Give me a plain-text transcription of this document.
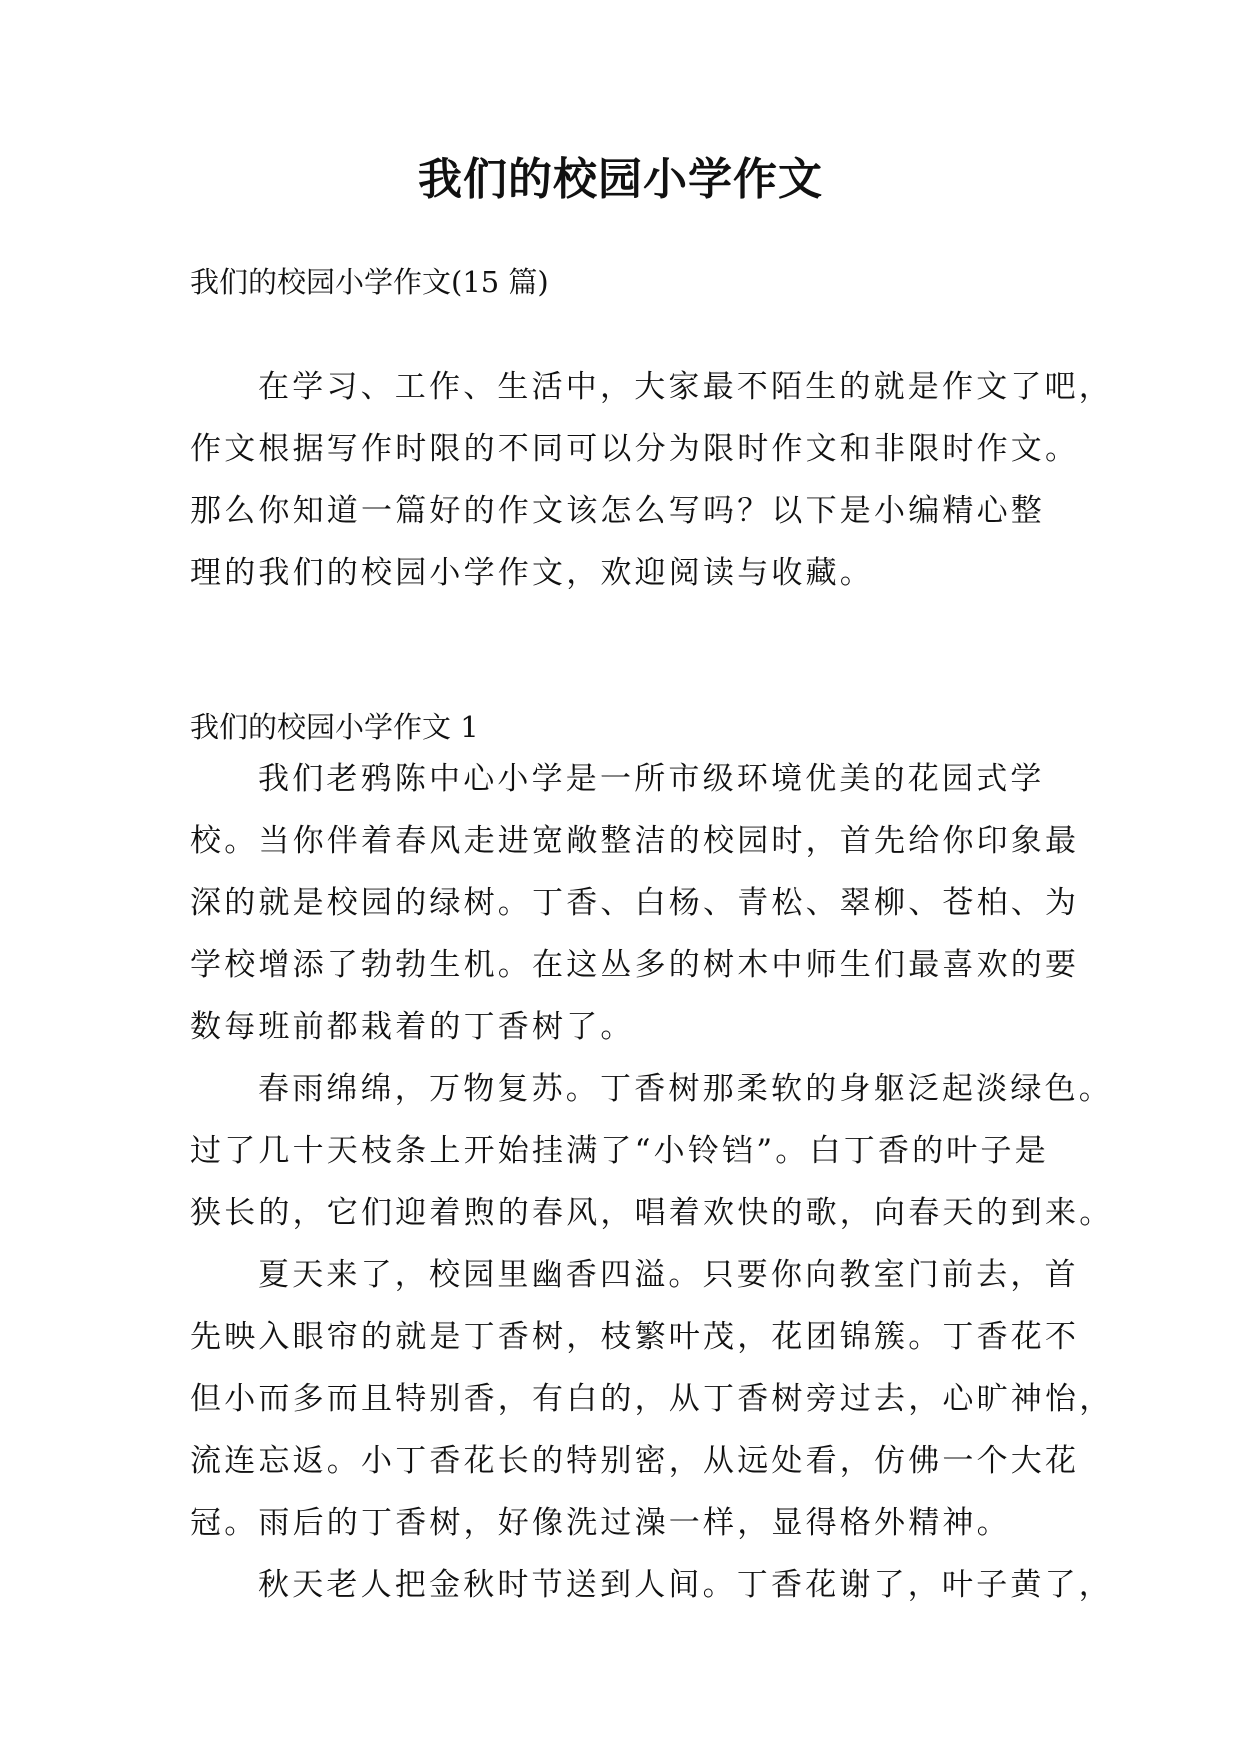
我们的校园小学作文

我们的校园小学作文(15 篇)

在学习、工作、生活中，大家最不陌生的就是作文了吧，
作文根据写作时限的不同可以分为限时作文和非限时作文。
那么你知道一篇好的作文该怎么写吗？以下是小编精心整
理的我们的校园小学作文，欢迎阅读与收藏。
我们的校园小学作文 1
我们老鸦陈中心小学是一所市级环境优美的花园式学
校。当你伴着春风走进宽敞整洁的校园时，首先给你印象最
深的就是校园的绿树。丁香、白杨、青松、翠柳、苍柏、为
学校增添了勃勃生机。在这丛多的树木中师生们最喜欢的要
数每班前都栽着的丁香树了。
春雨绵绵，万物复苏。丁香树那柔软的身躯泛起淡绿色。
过了几十天枝条上开始挂满了“小铃铛”。白丁香的叶子是
狭长的，它们迎着煦的春风，唱着欢快的歌，向春天的到来。
夏天来了，校园里幽香四溢。只要你向教室门前去，首
先映入眼帘的就是丁香树，枝繁叶茂，花团锦簇。丁香花不
但小而多而且特别香，有白的，从丁香树旁过去，心旷神怡，
流连忘返。小丁香花长的特别密，从远处看，仿佛一个大花
冠。雨后的丁香树，好像洗过澡一样，显得格外精神。
秋天老人把金秋时节送到人间。丁香花谢了，叶子黄了，
